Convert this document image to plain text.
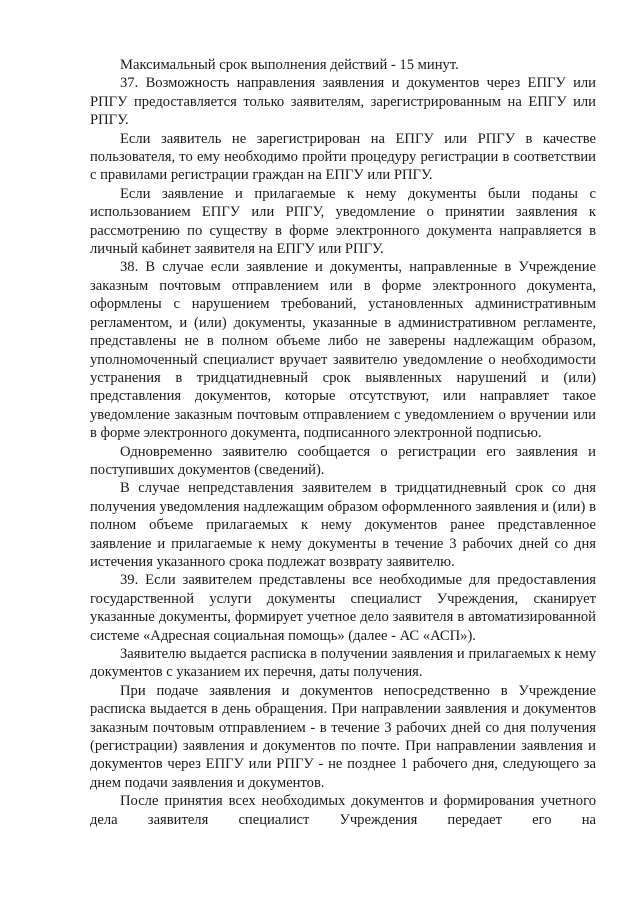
Максимальный срок выполнения действий - 15 минут.

37. Возможность направления заявления и документов через ЕПГУ или РПГУ предоставляется только заявителям, зарегистрированным на ЕПГУ или РПГУ.

Если заявитель не зарегистрирован на ЕПГУ или РПГУ в качестве пользователя, то ему необходимо пройти процедуру регистрации в соответствии с правилами регистрации граждан на ЕПГУ или РПГУ.

Если заявление и прилагаемые к нему документы были поданы с использованием ЕПГУ или РПГУ, уведомление о принятии заявления к рассмотрению по существу в форме электронного документа направляется в личный кабинет заявителя на ЕПГУ или РПГУ.

38. В случае если заявление и документы, направленные в Учреждение заказным почтовым отправлением или в форме электронного документа, оформлены с нарушением требований, установленных административным регламентом, и (или) документы, указанные в административном регламенте, представлены не в полном объеме либо не заверены надлежащим образом, уполномоченный специалист вручает заявителю уведомление о необходимости устранения в тридцатидневный срок выявленных нарушений и (или) представления документов, которые отсутствуют, или направляет такое уведомление заказным почтовым отправлением с уведомлением о вручении или в форме электронного документа, подписанного электронной подписью.

Одновременно заявителю сообщается о регистрации его заявления и поступивших документов (сведений).

В случае непредставления заявителем в тридцатидневный срок со дня получения уведомления надлежащим образом оформленного заявления и (или) в полном объеме прилагаемых к нему документов ранее представленное заявление и прилагаемые к нему документы в течение 3 рабочих дней со дня истечения указанного срока подлежат возврату заявителю.

39. Если заявителем представлены все необходимые для предоставления государственной услуги документы специалист Учреждения, сканирует указанные документы, формирует учетное дело заявителя в автоматизированной системе «Адресная социальная помощь» (далее - АС «АСП»).

Заявителю выдается расписка в получении заявления и прилагаемых к нему документов с указанием их перечня, даты получения.

При подаче заявления и документов непосредственно в Учреждение расписка выдается в день обращения. При направлении заявления и документов заказным почтовым отправлением - в течение 3 рабочих дней со дня получения (регистрации) заявления и документов по почте. При направлении заявления и документов через ЕПГУ или РПГУ - не позднее 1 рабочего дня, следующего за днем подачи заявления и документов.

После принятия всех необходимых документов и формирования учетного дела заявителя специалист Учреждения передает его на
